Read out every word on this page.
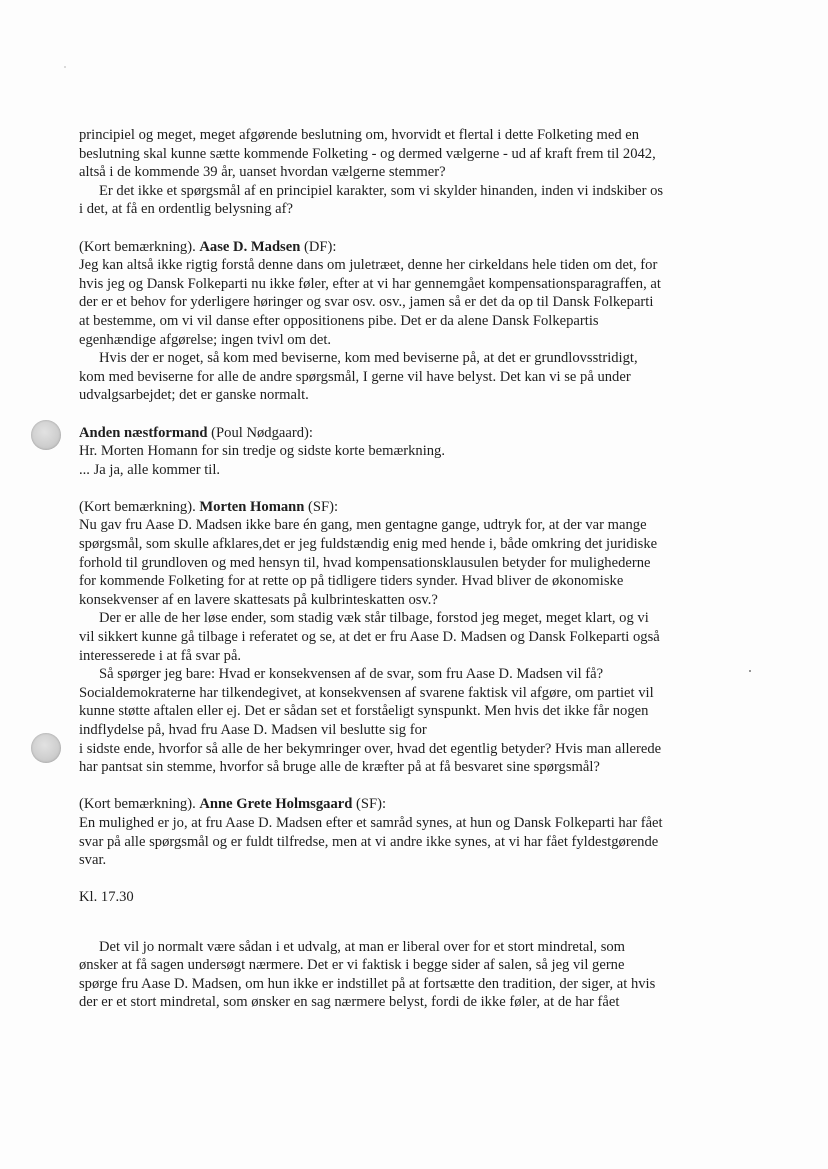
principiel og meget, meget afgørende beslutning om, hvorvidt et flertal i dette Folketing med en
beslutning skal kunne sætte kommende Folketing - og dermed vælgerne - ud af kraft frem til 2042,
altså i de kommende 39 år, uanset hvordan vælgerne stemmer?
Er det ikke et spørgsmål af en principiel karakter, som vi skylder hinanden, inden vi indskiber os
i det, at få en ordentlig belysning af?
(Kort bemærkning). Aase D. Madsen (DF):
Jeg kan altså ikke rigtig forstå denne dans om juletræet, denne her cirkeldans hele tiden om det, for
hvis jeg og Dansk Folkeparti nu ikke føler, efter at vi har gennemgået kompensationsparagraffen, at
der er et behov for yderligere høringer og svar osv. osv., jamen så er det da op til Dansk Folkeparti
at bestemme, om vi vil danse efter oppositionens pibe. Det er da alene Dansk Folkepartis
egenhændige afgørelse; ingen tvivl om det.
Hvis der er noget, så kom med beviserne, kom med beviserne på, at det er grundlovsstridigt,
kom med beviserne for alle de andre spørgsmål, I gerne vil have belyst. Det kan vi se på under
udvalgsarbejdet; det er ganske normalt.
Anden næstformand (Poul Nødgaard):
Hr. Morten Homann for sin tredje og sidste korte bemærkning.
... Ja ja, alle kommer til.
(Kort bemærkning). Morten Homann (SF):
Nu gav fru Aase D. Madsen ikke bare én gang, men gentagne gange, udtryk for, at der var mange
spørgsmål, som skulle afklares,det er jeg fuldstændig enig med hende i, både omkring det juridiske
forhold til grundloven og med hensyn til, hvad kompensationsklausulen betyder for mulighederne
for kommende Folketing for at rette op på tidligere tiders synder. Hvad bliver de økonomiske
konsekvenser af en lavere skattesats på kulbrinteskatten osv.?
Der er alle de her løse ender, som stadig væk står tilbage, forstod jeg meget, meget klart, og vi
vil sikkert kunne gå tilbage i referatet og se, at det er fru Aase D. Madsen og Dansk Folkeparti også
interesserede i at få svar på.
Så spørger jeg bare: Hvad er konsekvensen af de svar, som fru Aase D. Madsen vil få?
Socialdemokraterne har tilkendegivet, at konsekvensen af svarene faktisk vil afgøre, om partiet vil
kunne støtte aftalen eller ej. Det er sådan set et forståeligt synspunkt. Men hvis det ikke får nogen
indflydelse på, hvad fru Aase D. Madsen vil beslutte sig for
i sidste ende, hvorfor så alle de her bekymringer over, hvad det egentlig betyder? Hvis man allerede
har pantsat sin stemme, hvorfor så bruge alle de kræfter på at få besvaret sine spørgsmål?
(Kort bemærkning). Anne Grete Holmsgaard (SF):
En mulighed er jo, at fru Aase D. Madsen efter et samråd synes, at hun og Dansk Folkeparti har fået
svar på alle spørgsmål og er fuldt tilfredse, men at vi andre ikke synes, at vi har fået fyldestgørende
svar.
Kl. 17.30
Det vil jo normalt være sådan i et udvalg, at man er liberal over for et stort mindretal, som
ønsker at få sagen undersøgt nærmere. Det er vi faktisk i begge sider af salen, så jeg vil gerne
spørge fru Aase D. Madsen, om hun ikke er indstillet på at fortsætte den tradition, der siger, at hvis
der er et stort mindretal, som ønsker en sag nærmere belyst, fordi de ikke føler, at de har fået
